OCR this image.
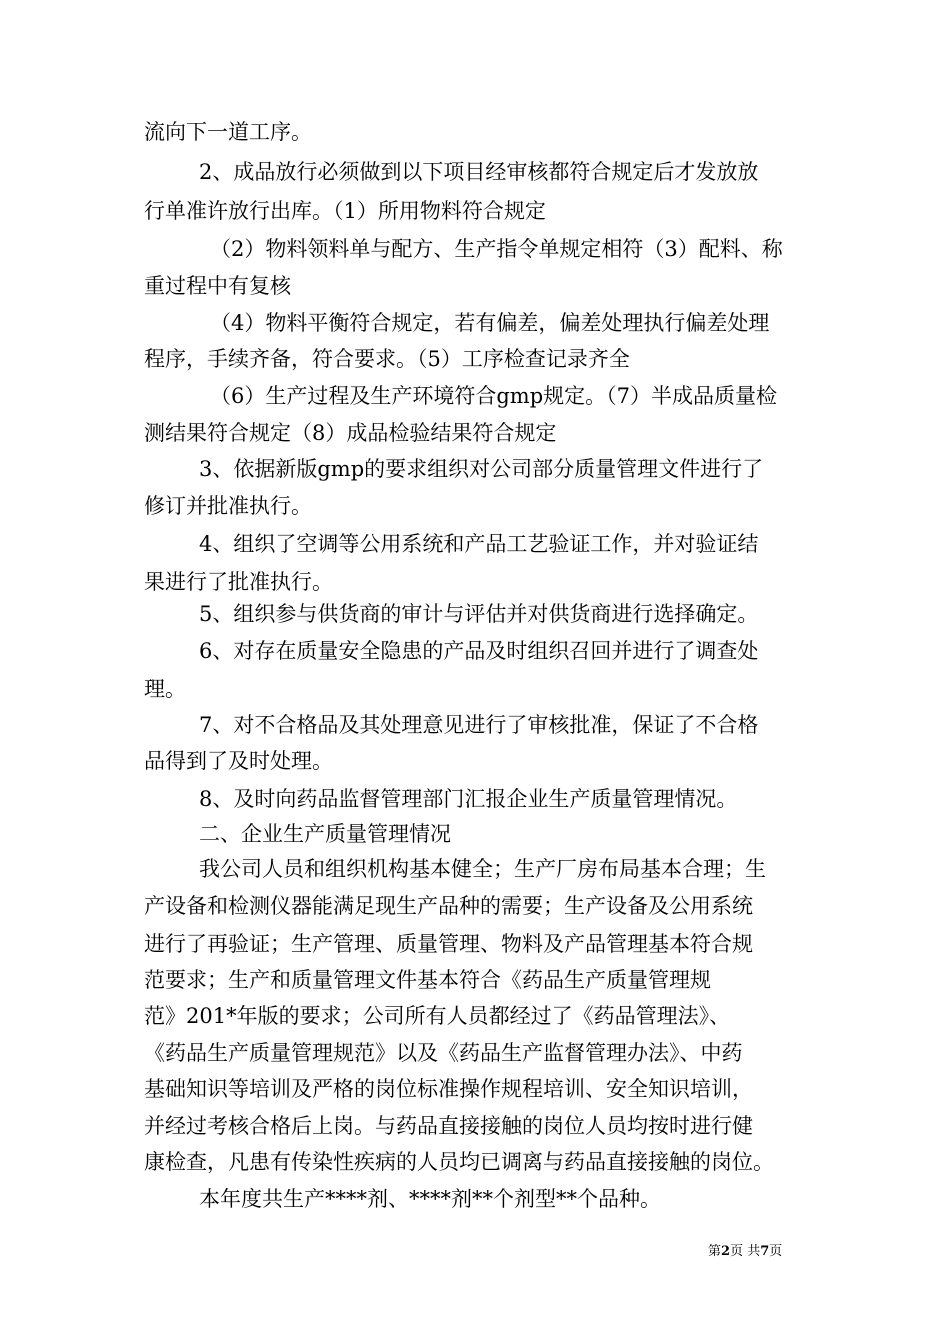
流向下一道工序。
2、成品放行必须做到以下项目经审核都符合规定后才发放放
行单准许放行出库。（1）所用物料符合规定
（2）物料领料单与配方、生产指令单规定相符（3）配料、称
重过程中有复核
（4）物料平衡符合规定，若有偏差，偏差处理执行偏差处理
程序，手续齐备，符合要求。（5）工序检查记录齐全
（6）生产过程及生产环境符合gmp规定。（7）半成品质量检
测结果符合规定（8）成品检验结果符合规定
3、依据新版gmp的要求组织对公司部分质量管理文件进行了
修订并批准执行。
4、组织了空调等公用系统和产品工艺验证工作，并对验证结
果进行了批准执行。
5、组织参与供货商的审计与评估并对供货商进行选择确定。
6、对存在质量安全隐患的产品及时组织召回并进行了调查处
理。
7、对不合格品及其处理意见进行了审核批准，保证了不合格
品得到了及时处理。
8、及时向药品监督管理部门汇报企业生产质量管理情况。
二、企业生产质量管理情况
我公司人员和组织机构基本健全；生产厂房布局基本合理；生
产设备和检测仪器能满足现生产品种的需要；生产设备及公用系统
进行了再验证；生产管理、质量管理、物料及产品管理基本符合规
范要求；生产和质量管理文件基本符合《药品生产质量管理规
范》201*年版的要求；公司所有人员都经过了《药品管理法》、
《药品生产质量管理规范》以及《药品生产监督管理办法》、中药
基础知识等培训及严格的岗位标准操作规程培训、安全知识培训，
并经过考核合格后上岗。与药品直接接触的岗位人员均按时进行健
康检查，凡患有传染性疾病的人员均已调离与药品直接接触的岗位。
本年度共生产****剂、****剂**个剂型**个品种。
第2页 共7页
